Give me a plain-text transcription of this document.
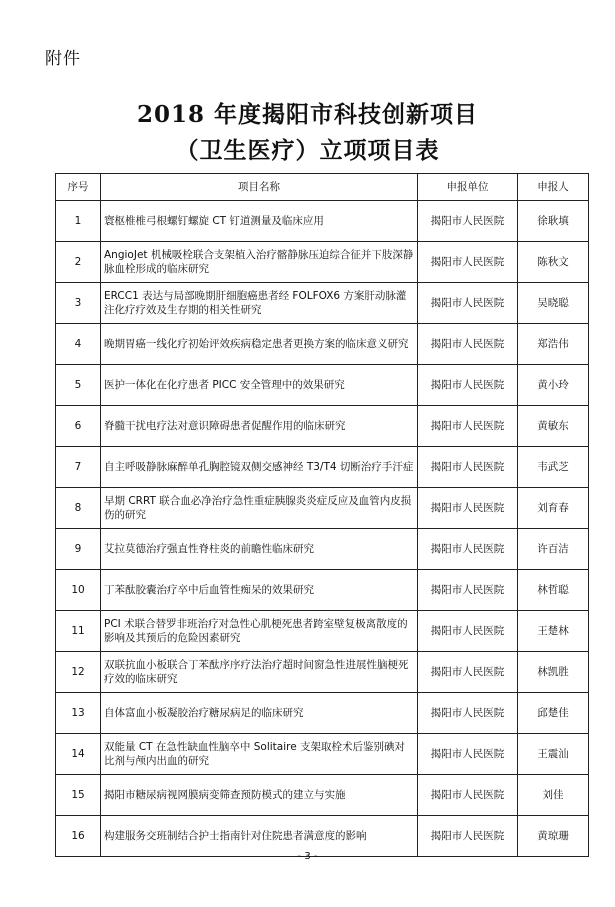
附件
2018 年度揭阳市科技创新项目
（卫生医疗）立项项目表
序号	项目名称	申报单位	申报人
1	寰枢椎椎弓根螺钉螺旋 CT 钉道测量及临床应用	揭阳市人民医院	徐耿填
2	AngioJet 机械吸栓联合支架植入治疗髂静脉压迫综合征并下肢深静脉血栓形成的临床研究	揭阳市人民医院	陈秋文
3	ERCC1 表达与局部晚期肝细胞癌患者经 FOLFOX6 方案肝动脉灌注化疗疗效及生存期的相关性研究	揭阳市人民医院	吴晓聪
4	晚期胃癌一线化疗初始评效疾病稳定患者更换方案的临床意义研究	揭阳市人民医院	郑浩伟
5	医护一体化在化疗患者 PICC 安全管理中的效果研究	揭阳市人民医院	黄小玲
6	脊髓干扰电疗法对意识障碍患者促醒作用的临床研究	揭阳市人民医院	黄敏东
7	自主呼吸静脉麻醉单孔胸腔镜双侧交感神经 T3/T4 切断治疗手汗症	揭阳市人民医院	韦武芝
8	早期 CRRT 联合血必净治疗急性重症胰腺炎炎症反应及血管内皮损伤的研究	揭阳市人民医院	刘育春
9	艾拉莫德治疗强直性脊柱炎的前瞻性临床研究	揭阳市人民医院	许百洁
10	丁苯酞胶囊治疗卒中后血管性痴呆的效果研究	揭阳市人民医院	林哲聪
11	PCI 术联合替罗非班治疗对急性心肌梗死患者跨室壁复极离散度的影响及其预后的危险因素研究	揭阳市人民医院	王楚林
12	双联抗血小板联合丁苯酞序序疗法治疗超时间窗急性进展性脑梗死疗效的临床研究	揭阳市人民医院	林凯胜
13	自体富血小板凝胶治疗糖尿病足的临床研究	揭阳市人民医院	邱楚佳
14	双能量 CT 在急性缺血性脑卒中 Solitaire 支架取栓术后鉴别碘对比剂与颅内出血的研究	揭阳市人民医院	王震汕
15	揭阳市糖尿病视网膜病变筛查预防模式的建立与实施	揭阳市人民医院	刘佳
16	构建服务交班制结合护士指南针对住院患者满意度的影响	揭阳市人民医院	黄琼珊
- 3 -
